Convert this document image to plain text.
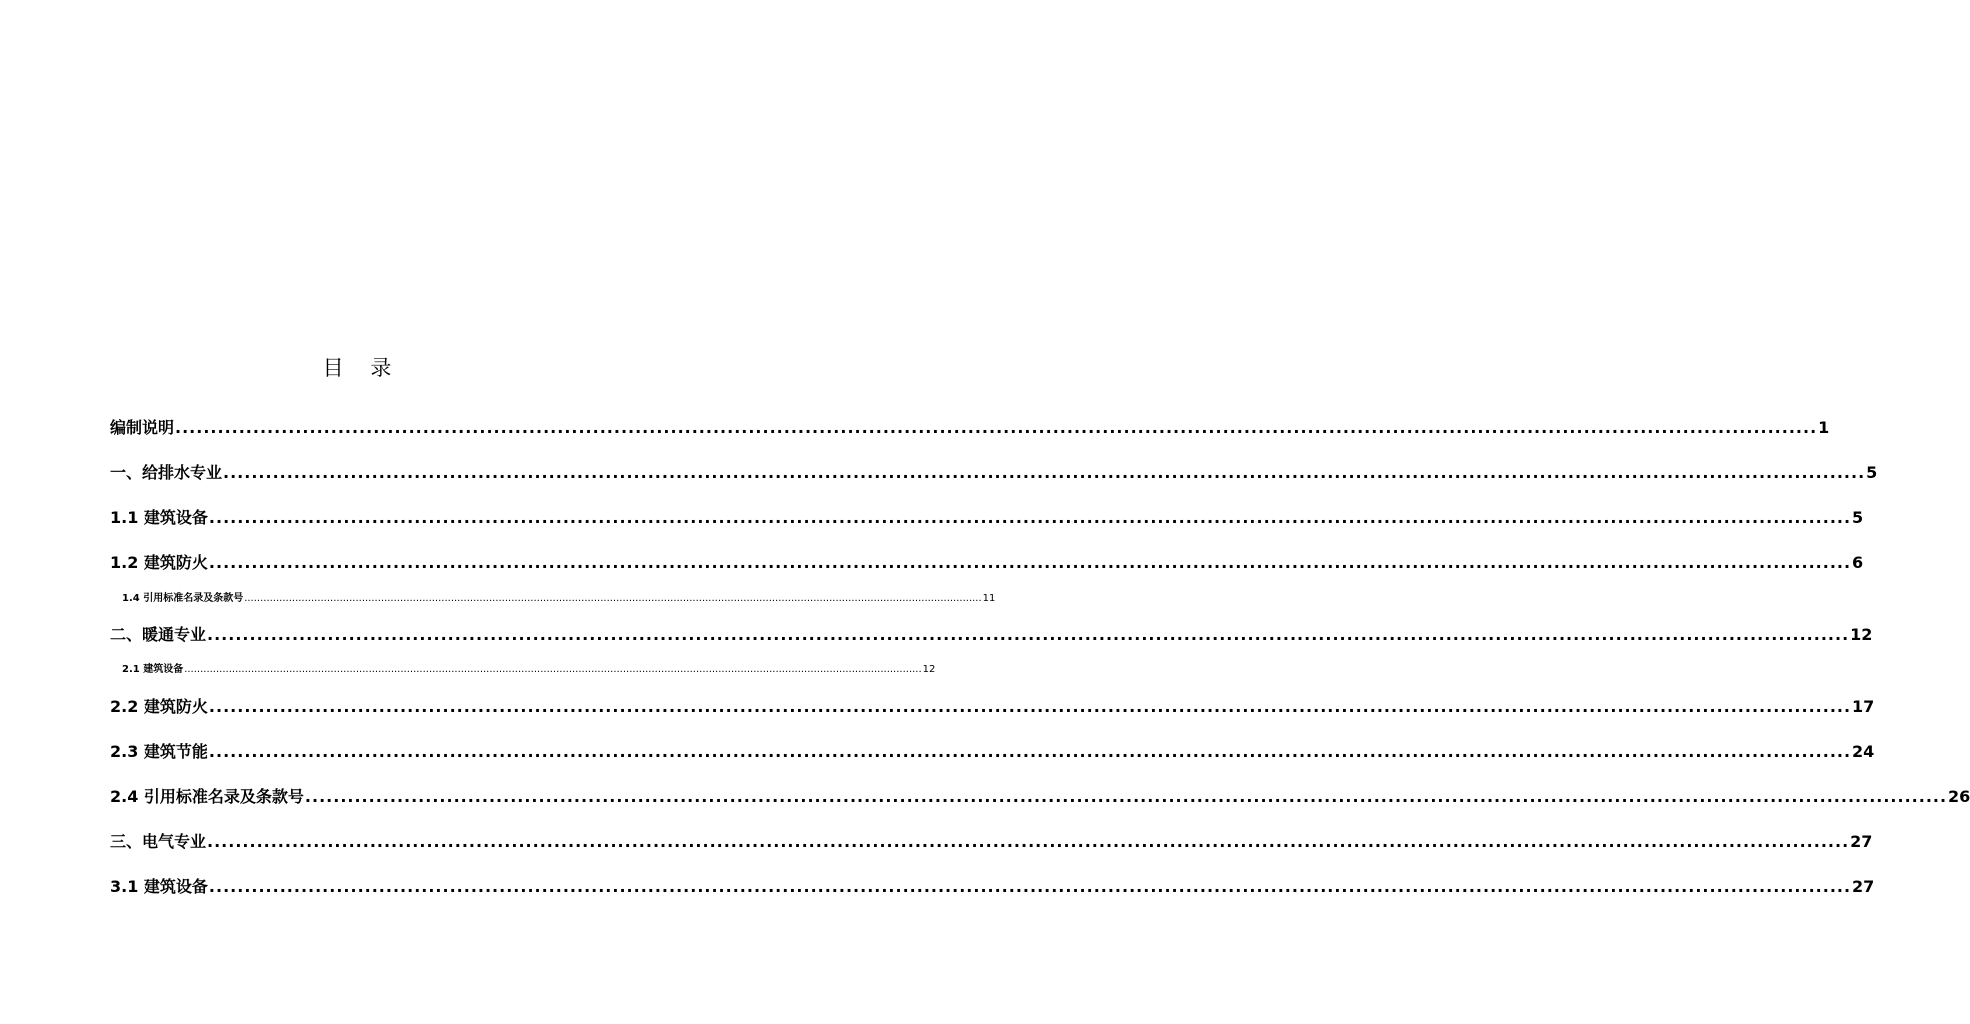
目 录
编制说明 ........................................................................................................................................................................................................................................ 1
一、给排水专业 ........................................................................................................................................................................................................................................ 5
1.1 建筑设备 ........................................................................................................................................................................................................................................ 5
1.2 建筑防火 ........................................................................................................................................................................................................................................ 6
1.4 引用标准名录及条款号 ........................................................................................................................................................................................................................................ 11
二、暖通专业 ........................................................................................................................................................................................................................................ 12
2.1 建筑设备 ........................................................................................................................................................................................................................................ 12
2.2 建筑防火 ........................................................................................................................................................................................................................................ 17
2.3 建筑节能 ........................................................................................................................................................................................................................................ 24
2.4 引用标准名录及条款号 ........................................................................................................................................................................................................................................ 26
三、电气专业 ........................................................................................................................................................................................................................................ 27
3.1 建筑设备 ........................................................................................................................................................................................................................................ 27
